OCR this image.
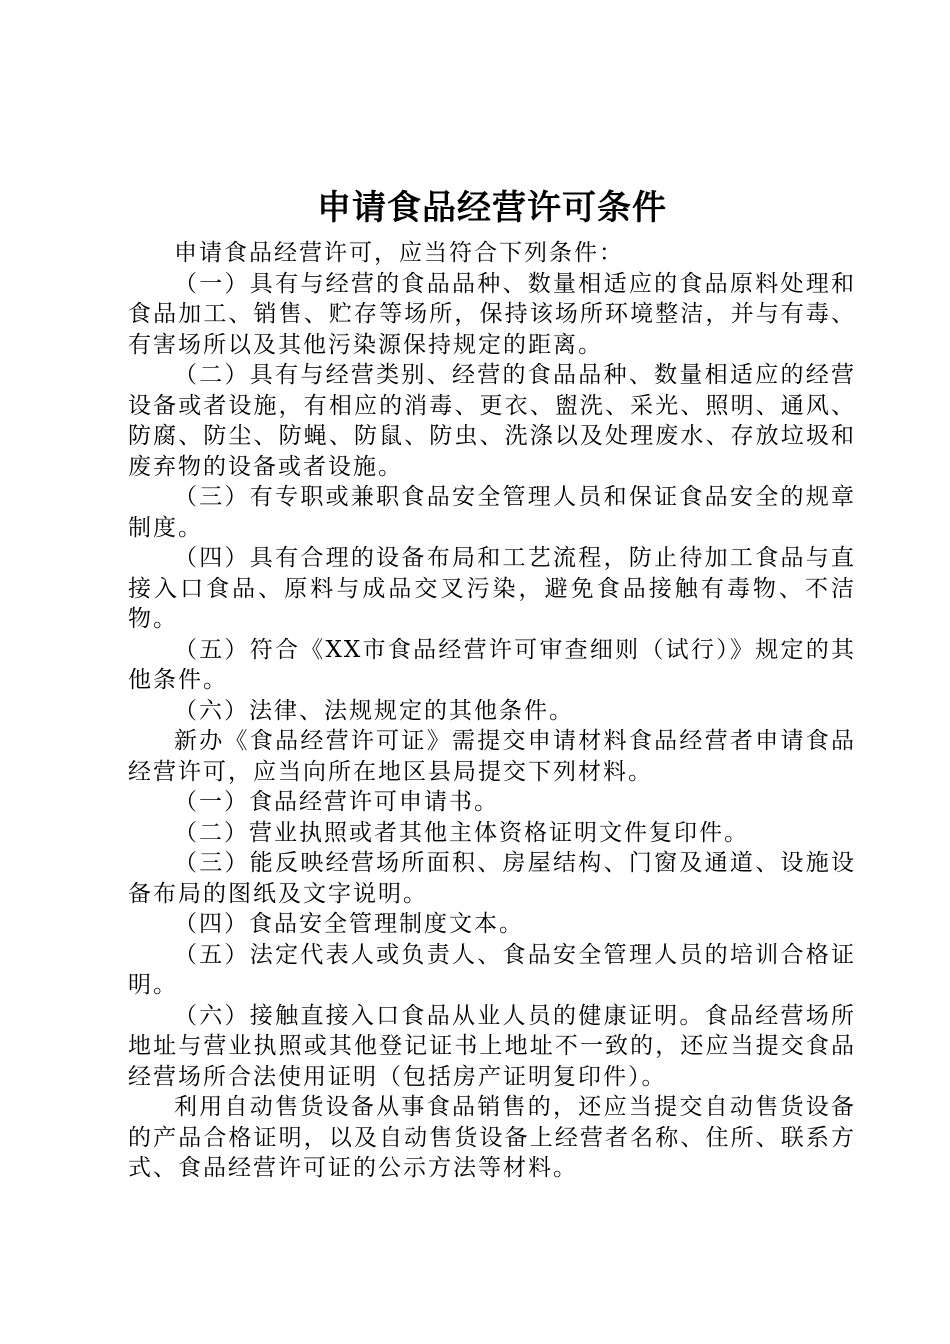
申请食品经营许可条件

申请食品经营许可，应当符合下列条件：

（一）具有与经营的食品品种、数量相适应的食品原料处理和食品加工、销售、贮存等场所，保持该场所环境整洁，并与有毒、有害场所以及其他污染源保持规定的距离。

（二）具有与经营类别、经营的食品品种、数量相适应的经营设备或者设施，有相应的消毒、更衣、盥洗、采光、照明、通风、防腐、防尘、防蝇、防鼠、防虫、洗涤以及处理废水、存放垃圾和废弃物的设备或者设施。

（三）有专职或兼职食品安全管理人员和保证食品安全的规章制度。

（四）具有合理的设备布局和工艺流程，防止待加工食品与直接入口食品、原料与成品交叉污染，避免食品接触有毒物、不洁物。

（五）符合《XX市食品经营许可审查细则（试行）》规定的其他条件。

（六）法律、法规规定的其他条件。

新办《食品经营许可证》需提交申请材料食品经营者申请食品经营许可，应当向所在地区县局提交下列材料。

（一）食品经营许可申请书。

（二）营业执照或者其他主体资格证明文件复印件。

（三）能反映经营场所面积、房屋结构、门窗及通道、设施设备布局的图纸及文字说明。

（四）食品安全管理制度文本。

（五）法定代表人或负责人、食品安全管理人员的培训合格证明。

（六）接触直接入口食品从业人员的健康证明。食品经营场所地址与营业执照或其他登记证书上地址不一致的，还应当提交食品经营场所合法使用证明（包括房产证明复印件）。

利用自动售货设备从事食品销售的，还应当提交自动售货设备的产品合格证明，以及自动售货设备上经营者名称、住所、联系方式、食品经营许可证的公示方法等材料。
